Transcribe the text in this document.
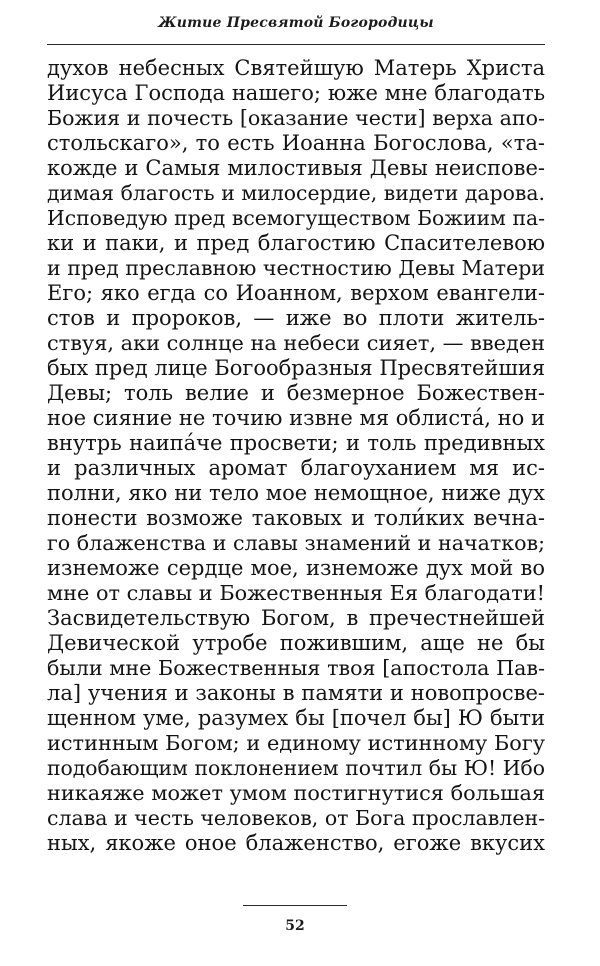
Житие Пресвятой Богородицы
духов небесных Святейшую Матерь Христа
Иисуса Господа нашего; юже мне благодать
Божия и почесть [оказание чести] верха апо-
стольскаго», то есть Иоанна Богослова, «та-
кожде и Самыя милостивыя Девы неиспове-
димая благость и милосердие, видети дарова.
Исповедую пред всемогуществом Божиим па-
ки и паки, и пред благостию Спасителевою
и пред преславною честностию Девы Матери
Его; яко егда со Иоанном, верхом евангели-
стов и пророков, — иже во плоти житель-
ствуя, аки солнце на небеси сияет, — введен
бых пред лице Богообразныя Пресвятейшия
Девы; толь велие и безмерное Божествен-
ное сияние не точию извне мя облиста́, но и
внутрь наипа́че просвети; и толь предивных
и различных аромат благоуханием мя ис-
полни, яко ни тело мое немощное, ниже дух
понести возможе таковых и толи́ких вечна-
го блаженства и славы знамений и начатков;
изнеможе сердце мое, изнеможе дух мой во
мне от славы и Божественныя Ея благодати!
Засвидетельствую Богом, в пречестнейшей
Девической утробе пожившим, аще не бы
были мне Божественныя твоя [апостола Пав-
ла] учения и законы в памяти и новопросве-
щенном уме, разумех бы [почел бы] Ю быти
истинным Богом; и единому истинному Богу
подобающим поклонением почтил бы Ю! Ибо
никаяже может умом постигнутися большая
слава и честь человеков, от Бога прославлен-
ных, якоже оное блаженство, егоже вкусих
52
